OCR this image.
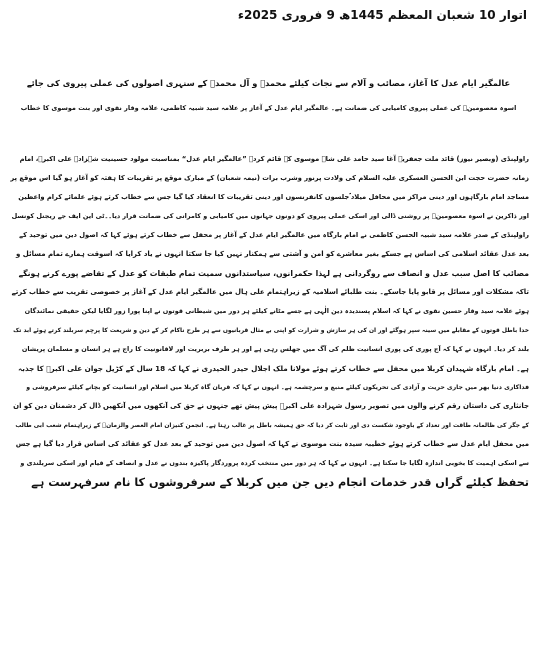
اتوار 10 شعبان المعظم 1445ھ 9 فروری 2025ء
عالمگیر ایام عدل کا آغاز، مصائب و آلام سے نجات کیلئے محمدؐ و آل محمدؑ کے سنہری اصولوں کی عملی پیروی کی جائے
اسوہ معصومینؑ کی عملی پیروی کامیابی کی ضمانت ہے۔ عالمگیر ایام عدل کے آغاز پر علامہ سید شبیہ کاظمی، علامہ وقار نقوی اور بنت موسوی کا خطاب
راولپنڈی (وبصیر نیوز) قائد ملت جعفریہ آغا سید حامد علی شاہ موسوی کے قائم کردہ ”عالمگیر ایام عدل“ بمناسبت مولود حسینیت شہزادہ علی اکبرؑ، امام
زمانہ حضرت حجت ابن الحسن العسکری علیہ السلام کی ولادت پرنور وشرب برات (نیمہ شعبان) کے مبارک موقع پر تقریبات کا ہفتہ کو آغاز ہو گیا اس موقع پر
مساجد امام بارگاہوں اور دینی مراکز میں محافل میلاد ؐجلسوں کانفرنسوں اور دینی تقریبات کا انعقاد کیا گیا جس سے خطاب کرتے ہوئے علمائے کرام واعظین
اور ذاکرین نے اسوہ معصومینؑ پر روشنی ڈالی اور اسکی عملی پیروی کو دونوں جہانوں میں کامیابی و کامرانی کی ضمانت قرار دیا۔۔ٹی این ایف جے ریجنل کونسل
راولپنڈی کے صدر علامہ سید شبیہ الحسن کاظمی نے امام بارگاہ میں عالمگیر ایام عدل کے آغاز پر محفل سے خطاب کرتے ہوئے کہا کہ اصول دین میں توحید کے
بعد عدل عقائد اسلامی کی اساس ہے جسکے بغیر معاشرے کو امن و آشتی سے ہمکنار نہیں کیا جا سکتا انہوں نے یاد کرایا کہ اسوقت ہمارے تمام مسائل و
مصائب کا اصل سبب عدل و انصاف سے روگردانی ہے لہذا حکمرانوں، سیاستدانوں سمیت تمام طبقات کو عدل کے تقاضے پورے کرنے ہونگے
تاکہ مشکلات اور مسائل پر قابو پایا جاسکے۔ بنت طلبائے اسلامیہ کے زیراہتمام علی ہال میں عالمگیر ایام عدل کے آغاز پر خصوصی تقریب سے خطاب کرتے
ہوئے علامہ سید وقار حسین نقوی نے کہا کہ اسلام پسندیدہ دین الٰہی ہے جسے مٹانے کیلئے ہر دور میں شیطانی قوتوں نے اپنا پورا زور لگایا لیکن حقیقی نمائندگان
خدا باطل قوتوں کے مقابلے میں سینہ سپر ہوگئے اور ان کی ہر سازش و شرارت کو اپنی بے مثال قربانیوں سے ہر طرح ناکام کر کے دین و شریعت کا پرچم سربلند کرتے ہوئے ابد تک
بلند کر دیا۔ انہوں نے کہا کہ آج پوری کی پوری انسانیت ظلم کی آگ میں جھلس رہی ہے اور ہر طرف بربریت اور لاقانونیت کا راج ہے ہر انسان و مسلمان پریشان
ہے۔ امام بارگاہ شہیدان کربلا میں محفل سے خطاب کرتے ہوئے مولانا ملک اجلال حیدر الحیدری نے کہا کہ 18 سال کے کڑیل جوان علی اکبرؑ کا جذبہ
فداکاری دنیا بھر میں جاری حریت و آزادی کی تحریکوں کیلئے منبع و سرچشمہ ہے۔ انہوں نے کہا کہ قربان گاہ کربلا میں اسلام اور انسانیت کو بچانے کیلئے سرفروشی و
جانثاری کی داستان رقم کرنے والوں میں تصویر رسول شہزادہ علی اکبرؑ پیش پیش تھے جنہوں نے حق کی آنکھوں میں آنکھیں ڈال کر دشمنان دین کو ان
کے جگر کی ظالمانہ طاقت اور تعداد کے باوجود شکست دی اور ثابت کر دیا کہ حق ہمیشہ باطل پر غالب رہتا ہے۔ انجمن کنیزان امام العصر والزمانؑ کے زیراہتمام شعب ابی طالب
میں محفل ایام عدل سے خطاب کرتے ہوئے خطیبہ سیدہ بنت موسوی نے کہا کہ اصول دین میں توحید کے بعد عدل کو عقائد کی اساس قرار دیا گیا ہے جس
سے اسکی اہمیت کا بخوبی اندازہ لگایا جا سکتا ہے۔ انہوں نے کہا کہ ہر دور میں منتخب کردہ پروردگار پاکیزہ بندوں نے عدل و انصاف کے قیام اور اسکی سربلندی و
تحفظ کیلئے گراں قدر خدمات انجام دیں جن میں کربلا کے سرفروشوں کا نام سرفہرست ہے
